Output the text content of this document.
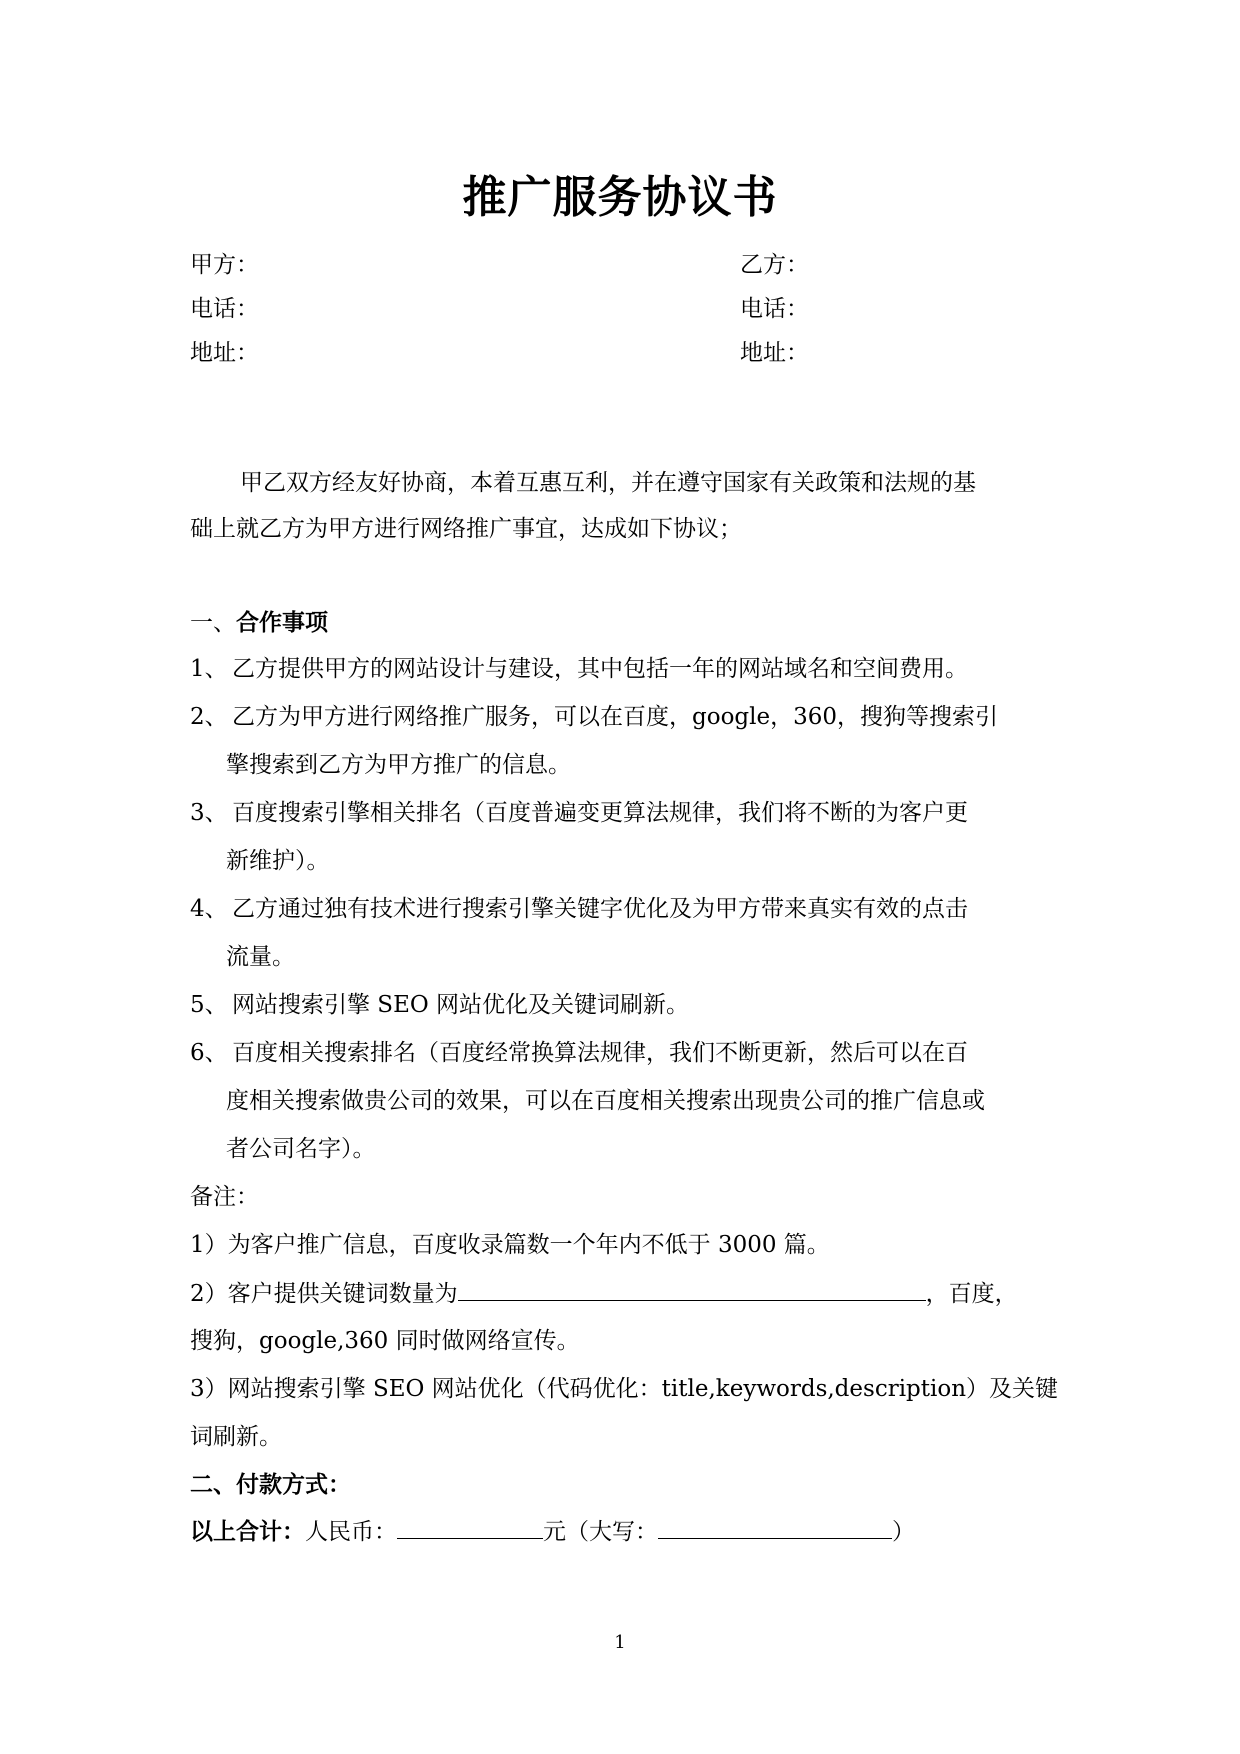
推广服务协议书
甲方：	乙方：
电话：	电话：
地址：	地址：
甲乙双方经友好协商，本着互惠互利，并在遵守国家有关政策和法规的基
础上就乙方为甲方进行网络推广事宜，达成如下协议；
一、合作事项
1、 乙方提供甲方的网站设计与建设，其中包括一年的网站域名和空间费用。
2、 乙方为甲方进行网络推广服务，可以在百度，google，360，搜狗等搜索引
擎搜索到乙方为甲方推广的信息。
3、 百度搜索引擎相关排名（百度普遍变更算法规律，我们将不断的为客户更
新维护）。
4、 乙方通过独有技术进行搜索引擎关键字优化及为甲方带来真实有效的点击
流量。
5、 网站搜索引擎 SEO 网站优化及关键词刷新。
6、 百度相关搜索排名（百度经常换算法规律，我们不断更新，然后可以在百
度相关搜索做贵公司的效果，可以在百度相关搜索出现贵公司的推广信息或
者公司名字）。
备注：
1）为客户推广信息，百度收录篇数一个年内不低于 3000 篇。
2）客户提供关键词数量为	，百度，
搜狗，google,360 同时做网络宣传。
3）网站搜索引擎 SEO 网站优化（代码优化：title,keywords,description）及关键
词刷新。
二、付款方式：
以上合计：人民币：	元（大写：	）
1
